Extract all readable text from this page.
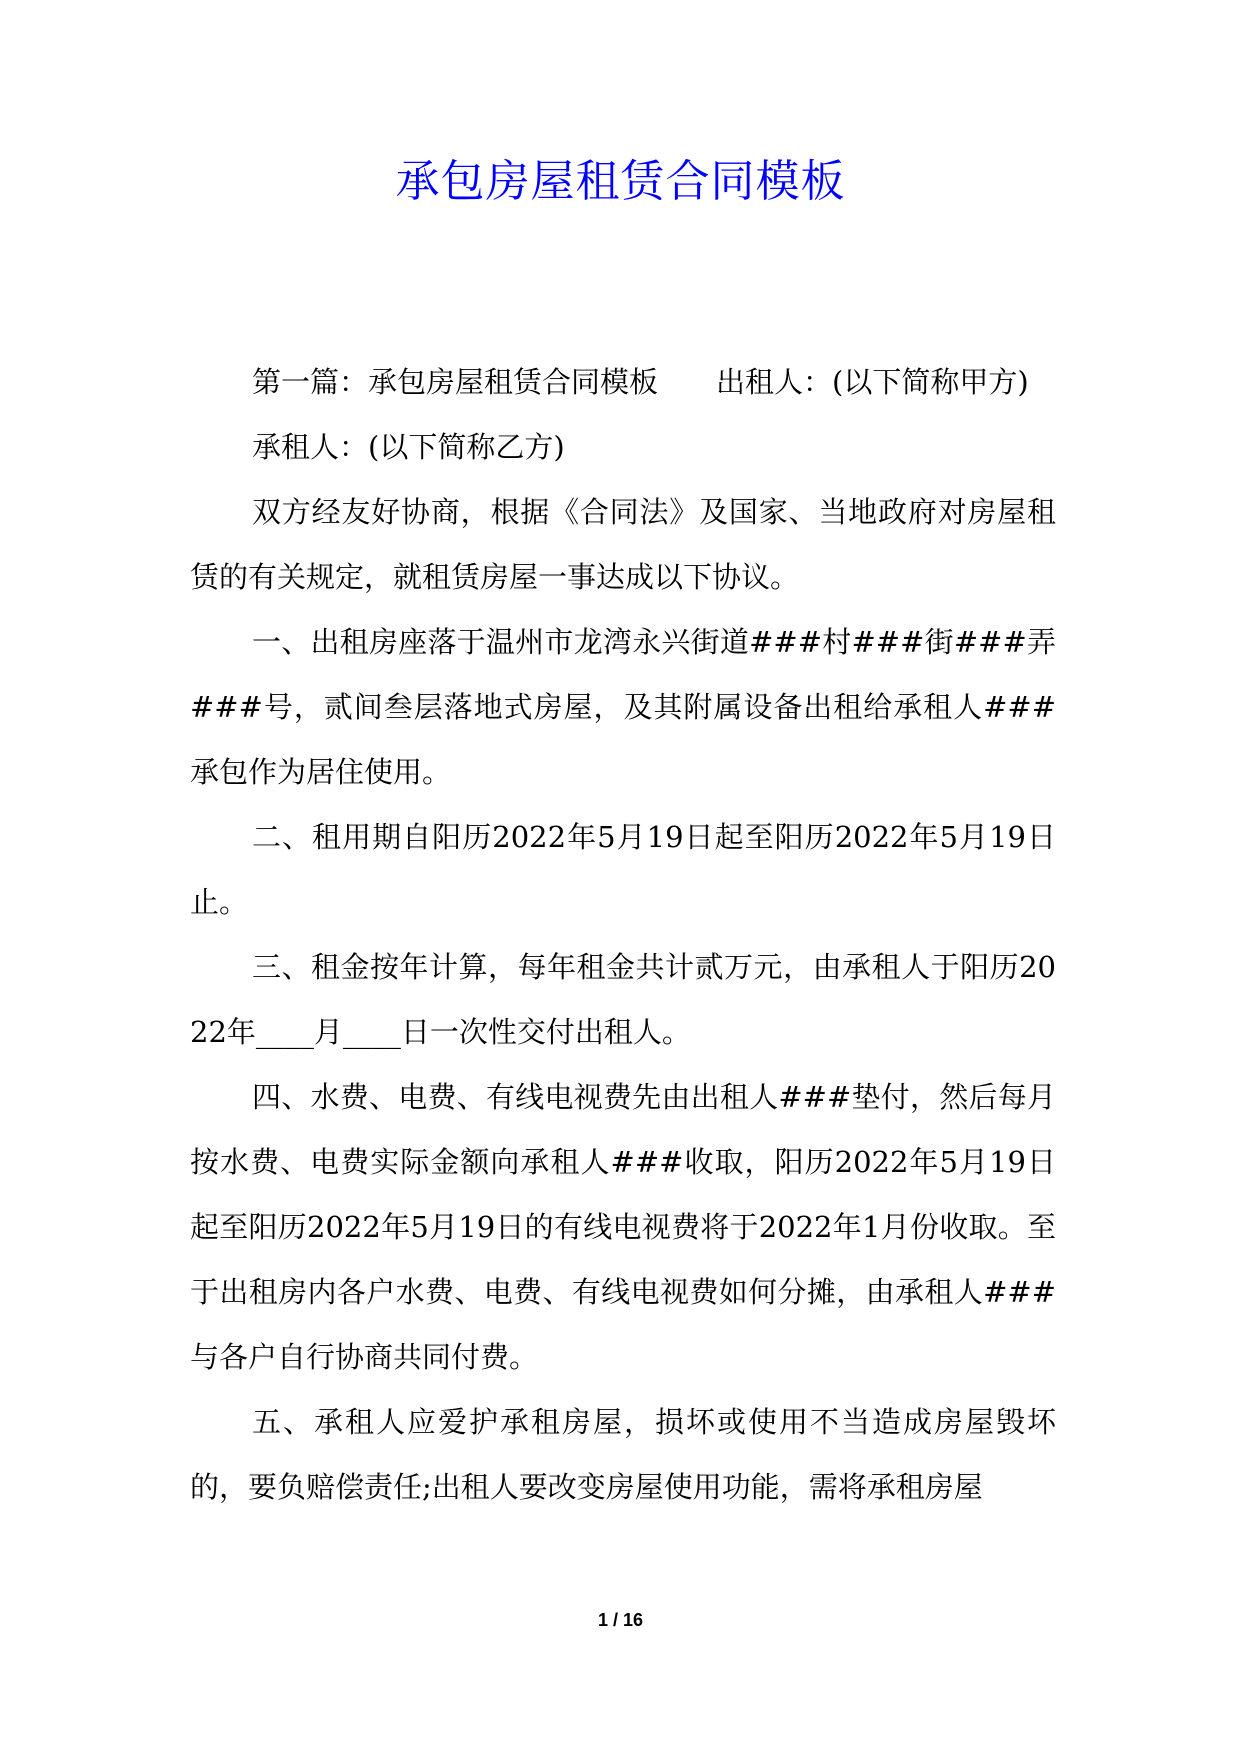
承包房屋租赁合同模板

第一篇：承包房屋租赁合同模板　　出租人：(以下简称甲方)

承租人：(以下简称乙方)

双方经友好协商，根据《合同法》及国家、当地政府对房屋租赁的有关规定，就租赁房屋一事达成以下协议。

一、出租房座落于温州市龙湾永兴街道###村###街###弄###号，贰间叁层落地式房屋，及其附属设备出租给承租人###承包作为居住使用。

二、租用期自阳历2022年5月19日起至阳历2022年5月19日止。

三、租金按年计算，每年租金共计贰万元，由承租人于阳历2022年____月____日一次性交付出租人。

四、水费、电费、有线电视费先由出租人###垫付，然后每月按水费、电费实际金额向承租人###收取，阳历2022年5月19日起至阳历2022年5月19日的有线电视费将于2022年1月份收取。至于出租房内各户水费、电费、有线电视费如何分摊，由承租人###与各户自行协商共同付费。

五、承租人应爱护承租房屋，损坏或使用不当造成房屋毁坏的，要负赔偿责任;出租人要改变房屋使用功能，需将承租房屋

1 / 16
